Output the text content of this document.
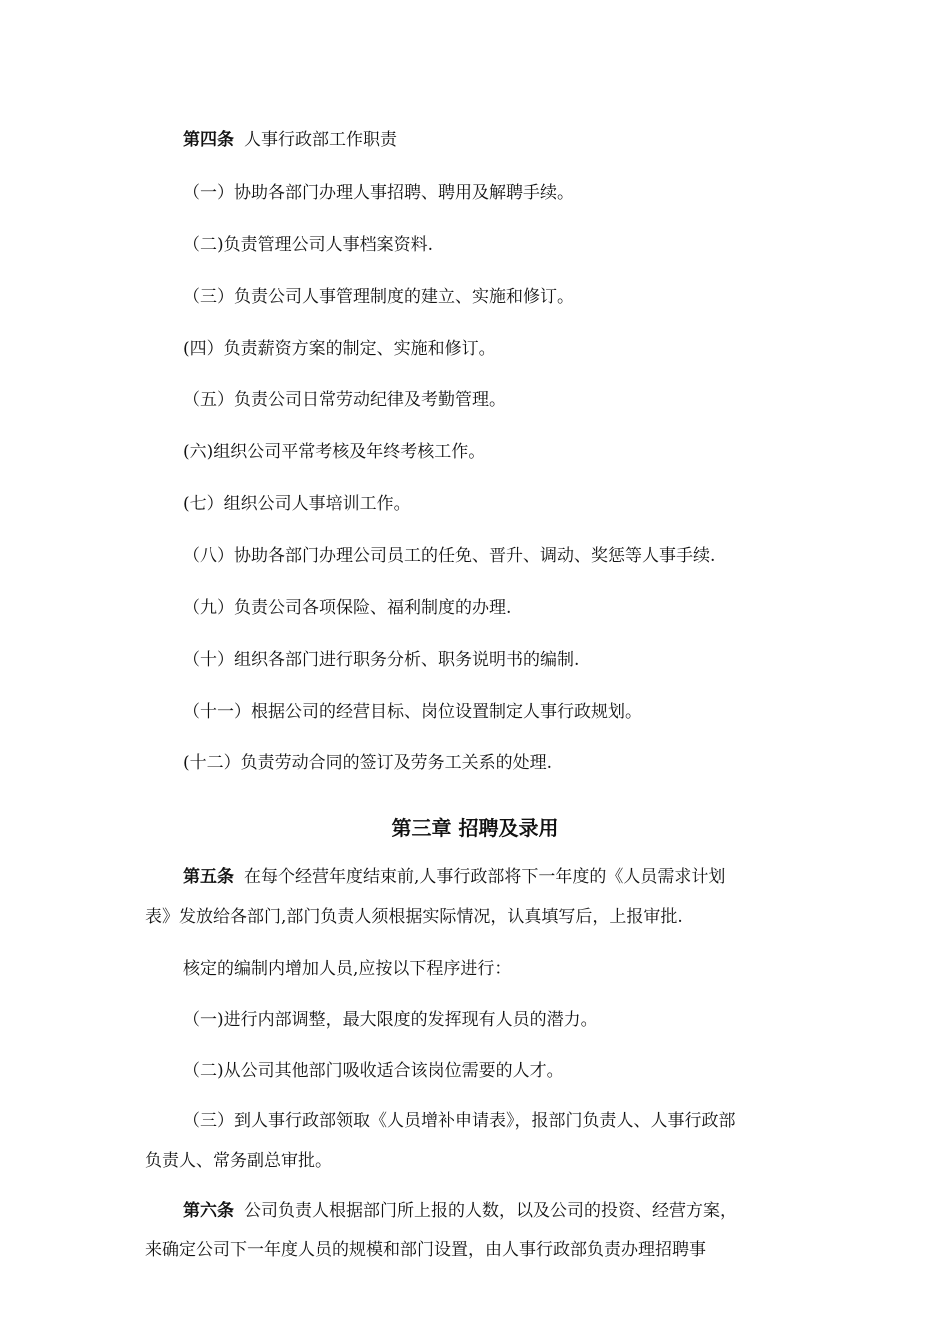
第四条 人事行政部工作职责
（一）协助各部门办理人事招聘、聘用及解聘手续。
（二)负责管理公司人事档案资料.
（三）负责公司人事管理制度的建立、实施和修订。
(四）负责薪资方案的制定、实施和修订。
（五）负责公司日常劳动纪律及考勤管理。
(六)组织公司平常考核及年终考核工作。
(七）组织公司人事培训工作。
（八）协助各部门办理公司员工的任免、晋升、调动、奖惩等人事手续.
（九）负责公司各项保险、福利制度的办理.
（十）组织各部门进行职务分析、职务说明书的编制.
（十一）根据公司的经营目标、岗位设置制定人事行政规划。
(十二）负责劳动合同的签订及劳务工关系的处理.
第三章 招聘及录用
第五条 在每个经营年度结束前,人事行政部将下一年度的《人员需求计划
表》发放给各部门,部门负责人须根据实际情况，认真填写后，上报审批.
核定的编制内增加人员,应按以下程序进行：
（一)进行内部调整，最大限度的发挥现有人员的潜力。
（二)从公司其他部门吸收适合该岗位需要的人才。
（三）到人事行政部领取《人员增补申请表》，报部门负责人、人事行政部
负责人、常务副总审批。
第六条 公司负责人根据部门所上报的人数，以及公司的投资、经营方案，
来确定公司下一年度人员的规模和部门设置，由人事行政部负责办理招聘事
